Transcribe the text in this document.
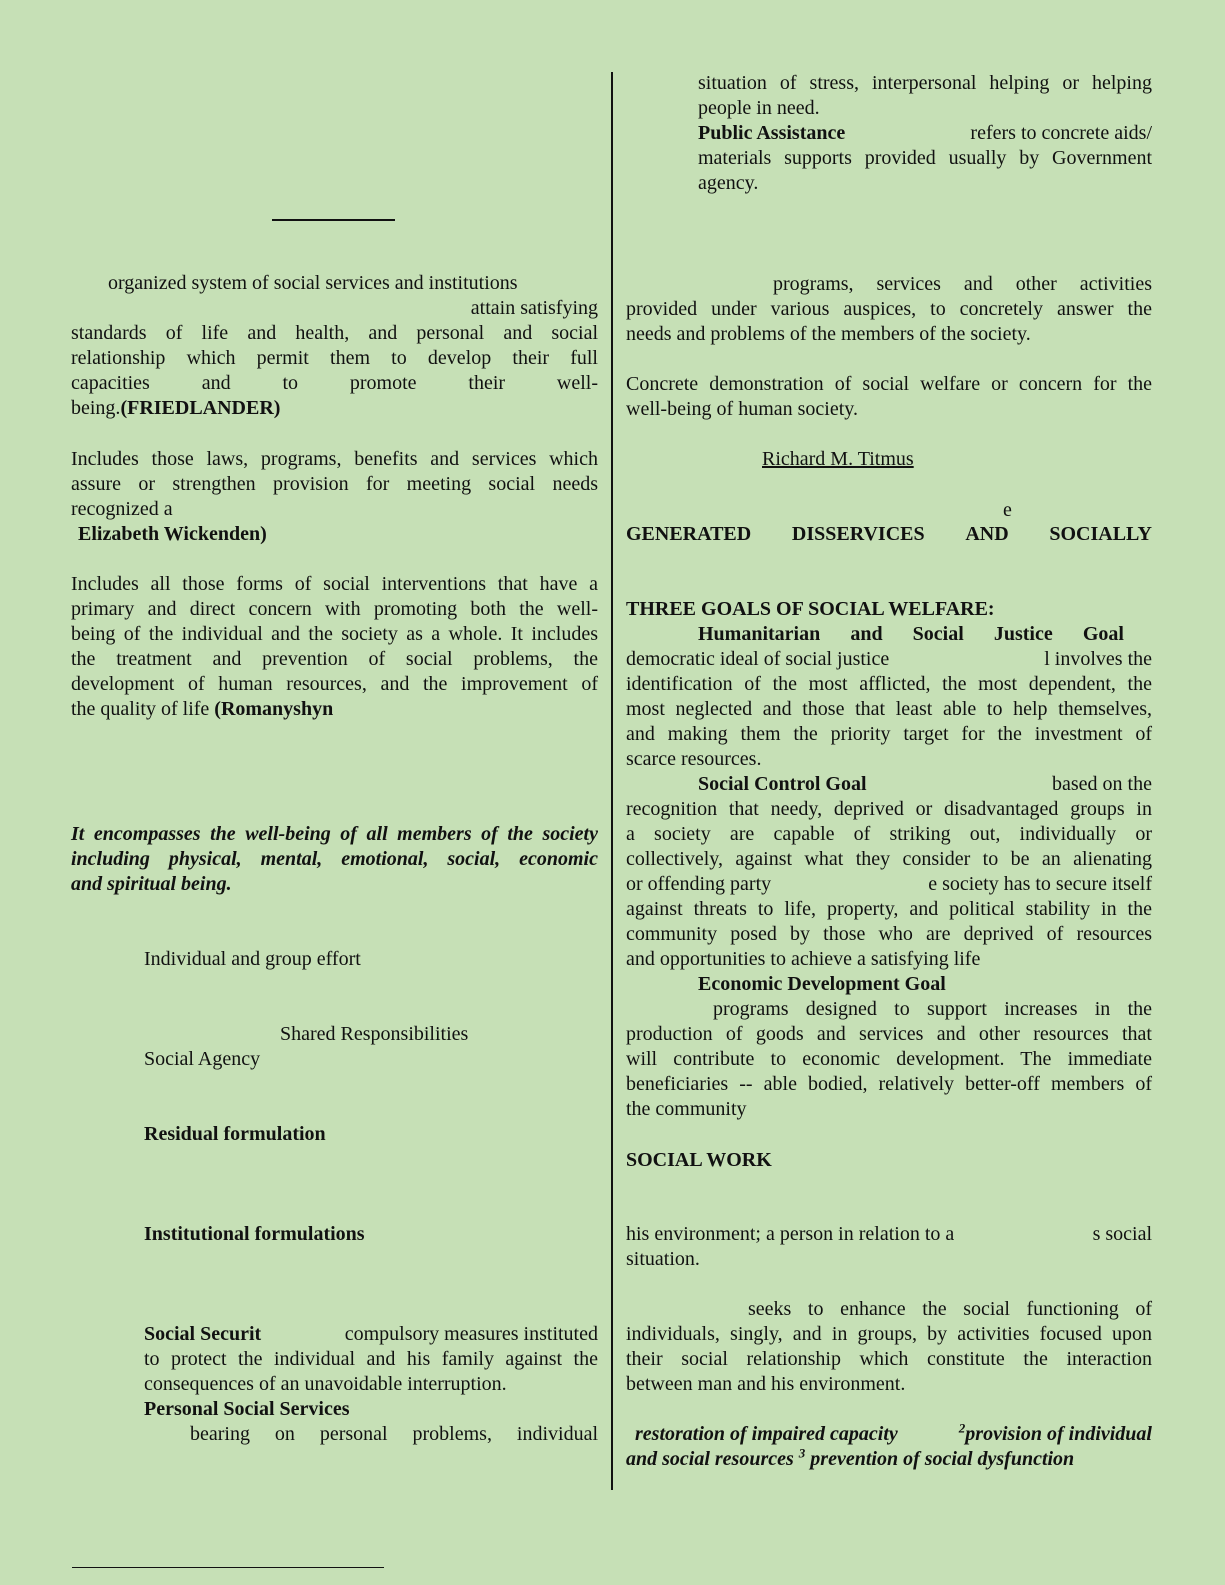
organized system of social services and institutions
attain satisfying
standards of life and health, and personal and social
relationship which permit them to develop their full
capacities	and	to	promote	their	well-
being.(FRIEDLANDER)
Includes those laws, programs, benefits and services which
assure or strengthen provision for meeting social needs
recognized a
Elizabeth Wickenden)
Includes all those forms of social interventions that have a
primary and direct concern with promoting both the well-
being of the individual and the society as a whole. It includes
the treatment and prevention of social problems, the
development of human resources, and the improvement of
the quality of life (Romanyshyn
It encompasses the well-being of all members of the society
including physical, mental, emotional, social, economic
and spiritual being.
Individual and group effort
Shared Responsibilities
Social Agency
Residual formulation
Institutional formulations
Social Securit	compulsory measures instituted
to protect the individual and his family against the
consequences of an unavoidable interruption.
Personal Social Services
bearing on personal problems, individual
situation of stress, interpersonal helping or helping
people in need.
Public Assistance	refers to concrete aids/
materials supports provided usually by Government
agency.
programs, services and other activities
provided under various auspices, to concretely answer the
needs and problems of the members of the society.
Concrete demonstration of social welfare or concern for the
well-being of human society.
Richard M. Titmus
e
GENERATED DISSERVICES AND SOCIALLY
THREE GOALS OF SOCIAL WELFARE:
Humanitarian and Social Justice Goal
democratic ideal of social justice	l involves the
identification of the most afflicted, the most dependent, the
most neglected and those that least able to help themselves,
and making them the priority target for the investment of
scarce resources.
Social Control Goal	based on the
recognition that needy, deprived or disadvantaged groups in
a society are capable of striking out, individually or
collectively, against what they consider to be an alienating
or offending party	e society has to secure itself
against threats to life, property, and political stability in the
community posed by those who are deprived of resources
and opportunities to achieve a satisfying life
Economic Development Goal
programs designed to support increases in the
production of goods and services and other resources that
will contribute to economic development. The immediate
beneficiaries -- able bodied, relatively better-off members of
the community
SOCIAL WORK
his environment; a person in relation to a	s social
situation.
seeks to enhance the social functioning of
individuals, singly, and in groups, by activities focused upon
their social relationship which constitute the interaction
between man and his environment.
restoration of impaired capacity	$^2$provision of individual
and social resources $^3$ prevention of social dysfunction
